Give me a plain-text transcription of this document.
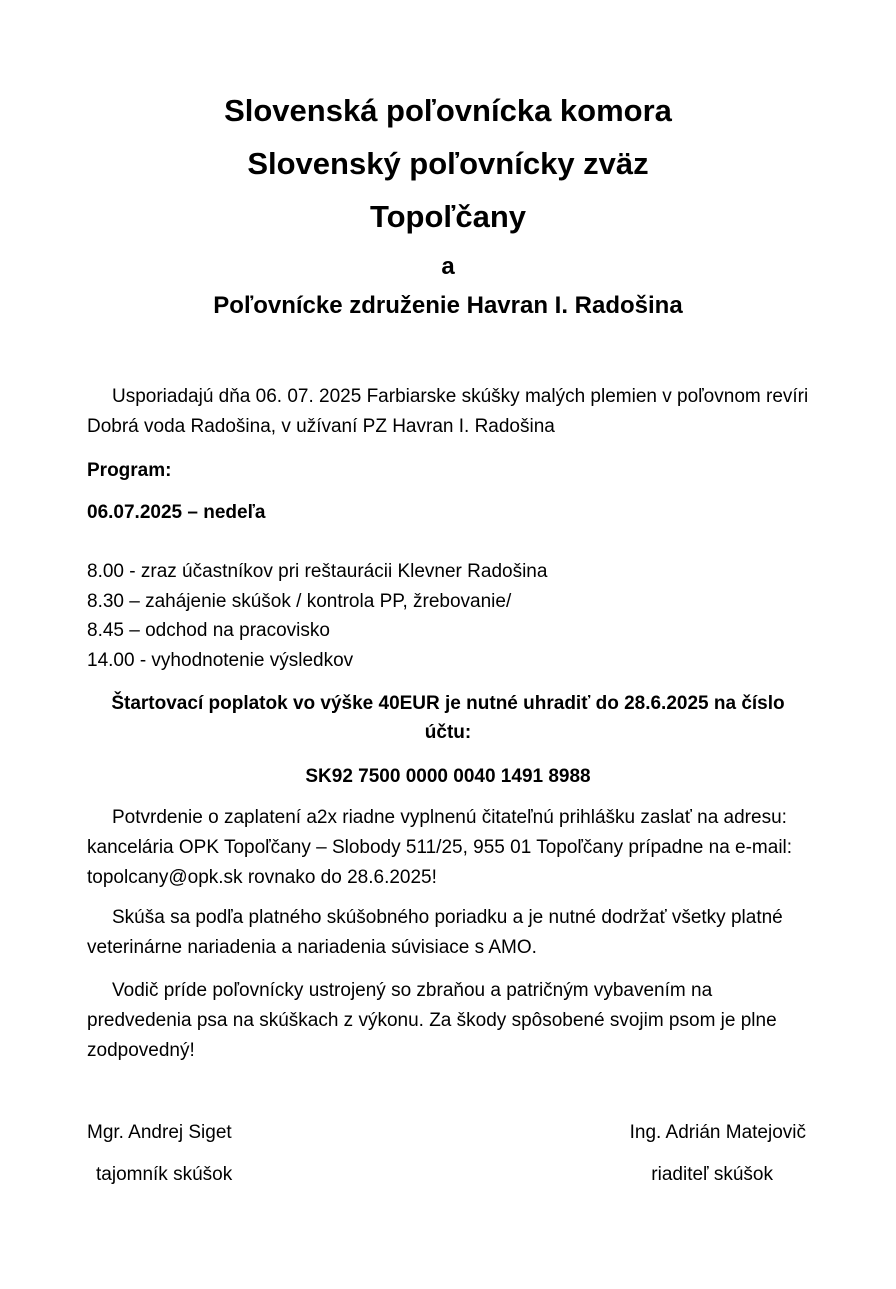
Slovenská poľovnícka komora

Slovenský poľovnícky zväz

Topoľčany

a

Poľovnícke združenie Havran I. Radošina

Usporiadajú dňa 06. 07. 2025 Farbiarske skúšky malých plemien v poľovnom revíri Dobrá voda Radošina, v užívaní PZ Havran I. Radošina

Program:

06.07.2025 – nedeľa

8.00 - zraz účastníkov pri reštaurácii Klevner Radošina

8.30 – zahájenie skúšok / kontrola PP, žrebovanie/

8.45 – odchod na pracovisko

14.00 - vyhodnotenie výsledkov

Štartovací poplatok vo výške 40EUR je nutné uhradiť do 28.6.2025 na číslo účtu:

SK92 7500 0000 0040 1491 8988

Potvrdenie o zaplatení a2x riadne vyplnenú čitateľnú prihlášku zaslať na adresu: kancelária OPK Topoľčany – Slobody 511/25, 955 01 Topoľčany prípadne na e-mail: topolcany@opk.sk rovnako do 28.6.2025!

Skúša sa podľa platného skúšobného poriadku a je nutné dodržať všetky platné veterinárne nariadenia a nariadenia súvisiace s AMO.

Vodič príde poľovnícky ustrojený so zbraňou a patričným vybavením na predvedenia psa na skúškach z výkonu. Za škody spôsobené svojim psom je plne zodpovedný!

Mgr. Andrej Siget

tajomník skúšok

Ing. Adrián Matejovič

riaditeľ skúšok
